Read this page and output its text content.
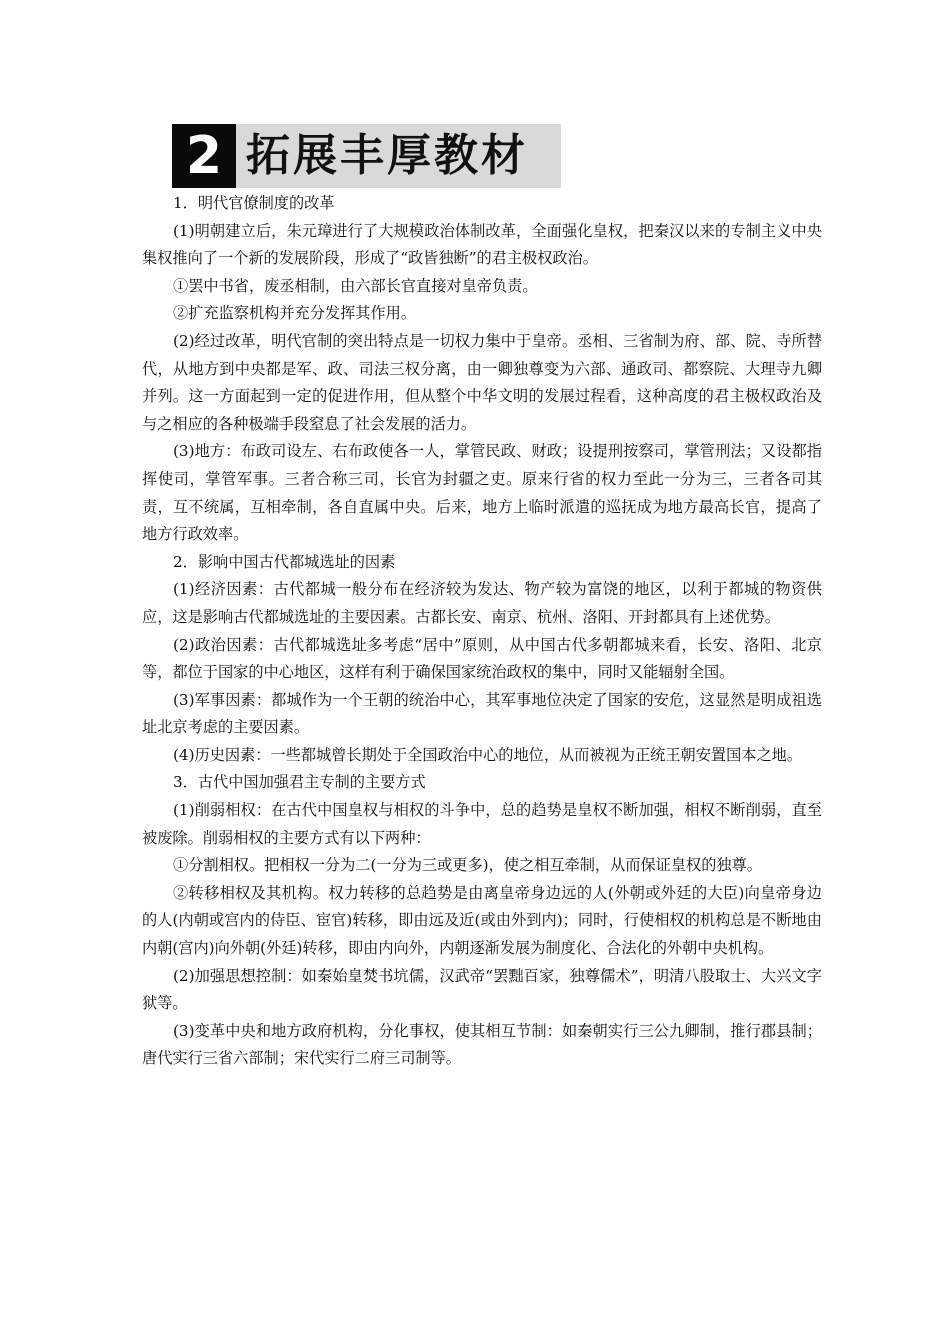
2 拓展丰厚教材

1．明代官僚制度的改革

(1)明朝建立后，朱元璋进行了大规模政治体制改革，全面强化皇权，把秦汉以来的专制主义中央集权推向了一个新的发展阶段，形成了“政皆独断”的君主极权政治。

①罢中书省，废丞相制，由六部长官直接对皇帝负责。

②扩充监察机构并充分发挥其作用。

(2)经过改革，明代官制的突出特点是一切权力集中于皇帝。丞相、三省制为府、部、院、寺所替代，从地方到中央都是军、政、司法三权分离，由一卿独尊变为六部、通政司、都察院、大理寺九卿并列。这一方面起到一定的促进作用，但从整个中华文明的发展过程看，这种高度的君主极权政治及与之相应的各种极端手段窒息了社会发展的活力。

(3)地方：布政司设左、右布政使各一人，掌管民政、财政；设提刑按察司，掌管刑法；又设都指挥使司，掌管军事。三者合称三司，长官为封疆之吏。原来行省的权力至此一分为三，三者各司其责，互不统属，互相牵制，各自直属中央。后来，地方上临时派遣的巡抚成为地方最高长官，提高了地方行政效率。

2．影响中国古代都城选址的因素

(1)经济因素：古代都城一般分布在经济较为发达、物产较为富饶的地区，以利于都城的物资供应，这是影响古代都城选址的主要因素。古都长安、南京、杭州、洛阳、开封都具有上述优势。

(2)政治因素：古代都城选址多考虑“居中”原则，从中国古代多朝都城来看，长安、洛阳、北京等，都位于国家的中心地区，这样有利于确保国家统治政权的集中，同时又能辐射全国。

(3)军事因素：都城作为一个王朝的统治中心，其军事地位决定了国家的安危，这显然是明成祖选址北京考虑的主要因素。

(4)历史因素：一些都城曾长期处于全国政治中心的地位，从而被视为正统王朝安置国本之地。

3．古代中国加强君主专制的主要方式

(1)削弱相权：在古代中国皇权与相权的斗争中，总的趋势是皇权不断加强，相权不断削弱，直至被废除。削弱相权的主要方式有以下两种：

①分割相权。把相权一分为二(一分为三或更多)，使之相互牵制，从而保证皇权的独尊。

②转移相权及其机构。权力转移的总趋势是由离皇帝身边远的人(外朝或外廷的大臣)向皇帝身边的人(内朝或宫内的侍臣、宦官)转移，即由远及近(或由外到内)；同时，行使相权的机构总是不断地由内朝(宫内)向外朝(外廷)转移，即由内向外，内朝逐渐发展为制度化、合法化的外朝中央机构。

(2)加强思想控制：如秦始皇焚书坑儒，汉武帝“罢黜百家，独尊儒术”，明清八股取士、大兴文字狱等。

(3)变革中央和地方政府机构，分化事权，使其相互节制：如秦朝实行三公九卿制，推行郡县制；唐代实行三省六部制；宋代实行二府三司制等。
